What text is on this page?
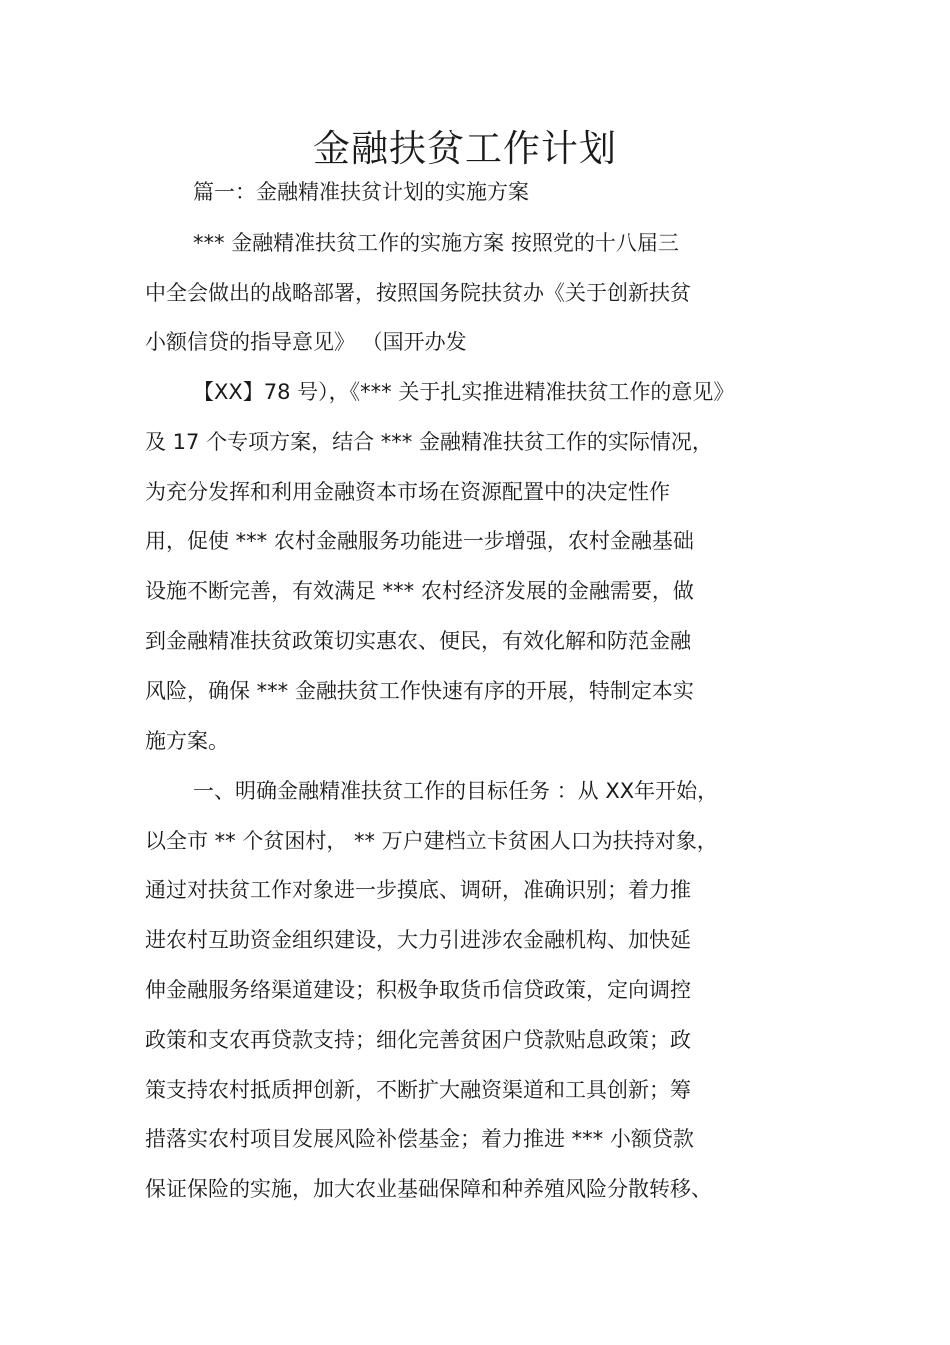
金融扶贫工作计划
篇一：金融精准扶贫计划的实施方案
*** 金融精准扶贫工作的实施方案 按照党的十八届三
中全会做出的战略部署，按照国务院扶贫办《关于创新扶贫
小额信贷的指导意见》 （国开办发
【XX】78 号），《*** 关于扎实推进精准扶贫工作的意见》
及 17 个专项方案，结合 *** 金融精准扶贫工作的实际情况，
为充分发挥和利用金融资本市场在资源配置中的决定性作
用，促使 *** 农村金融服务功能进一步增强，农村金融基础
设施不断完善，有效满足 *** 农村经济发展的金融需要，做
到金融精准扶贫政策切实惠农、便民，有效化解和防范金融
风险，确保 *** 金融扶贫工作快速有序的开展，特制定本实
施方案。
一、明确金融精准扶贫工作的目标任务 ：从 XX年开始，
以全市 ** 个贫困村， ** 万户建档立卡贫困人口为扶持对象，
通过对扶贫工作对象进一步摸底、调研，准确识别；着力推
进农村互助资金组织建设，大力引进涉农金融机构、加快延
伸金融服务络渠道建设；积极争取货币信贷政策，定向调控
政策和支农再贷款支持；细化完善贫困户贷款贴息政策；政
策支持农村抵质押创新，不断扩大融资渠道和工具创新；筹
措落实农村项目发展风险补偿基金；着力推进 *** 小额贷款
保证保险的实施，加大农业基础保障和种养殖风险分散转移、
